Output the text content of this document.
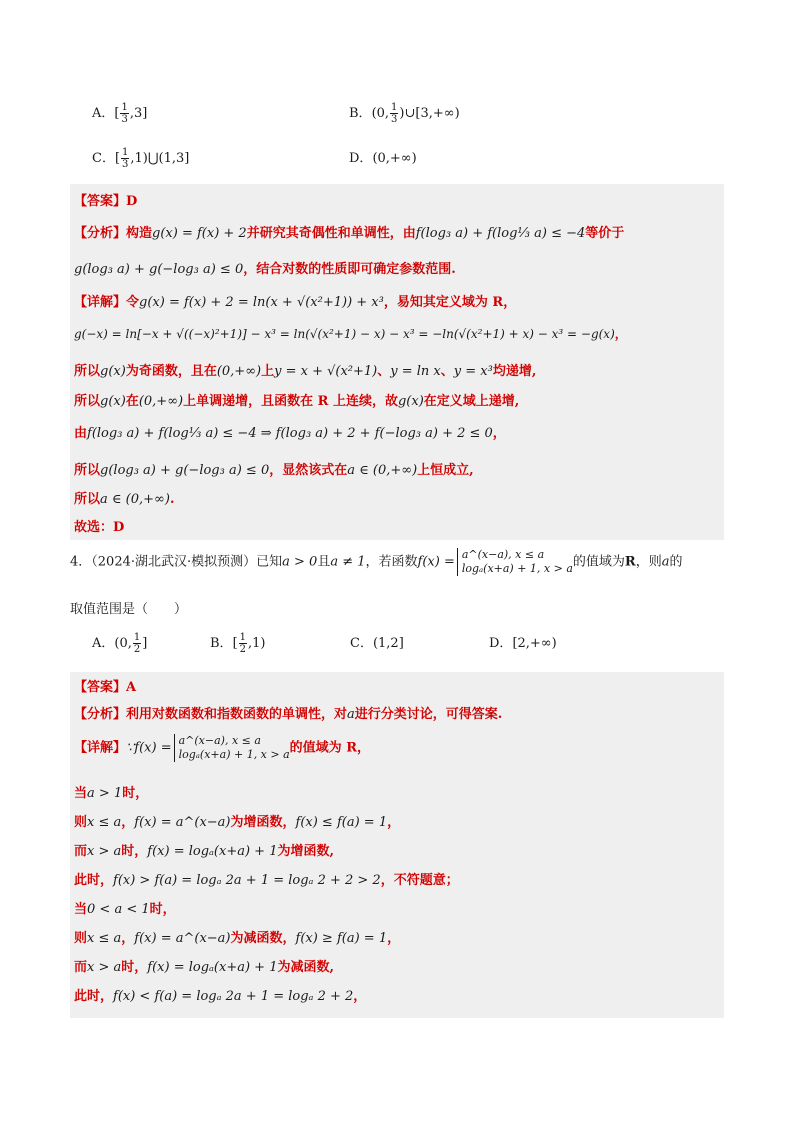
A．[ $\frac{1}{3} ,3$]	B．(0, $\frac{1}{3}$ )∪[3,+∞)
C．[ $\frac{1}{3}$ ,1)⋃(1,3]	D．(0,+∞)
【答案】D
【分析】构造g(x) = f(x) + 2并研究其奇偶性和单调性，由f(log₃ a) + f(log⅓ a) ≤ −4等价于
g(log₃ a) + g(−log₃ a) ≤ 0，结合对数的性质即可确定参数范围.
【详解】令g(x) = f(x) + 2 = ln(x + √(x²+1)) + x³，易知其定义域为 R，
g(−x) = ln[−x + √((−x)²+1)] − x³ = ln(√(x²+1) − x) − x³ = −ln(√(x²+1) + x) − x³ = −g(x)，
所以g(x)为奇函数，且在(0,+∞)上y = x + √(x²+1)、y = ln x、y = x³均递增,
所以g(x)在(0,+∞)上单调递增，且函数在 R 上连续，故g(x)在定义域上递增,
由f(log₃ a) + f(log⅓ a) ≤ −4 ⇒ f(log₃ a) + 2 + f(−log₃ a) + 2 ≤ 0，
所以g(log₃ a) + g(−log₃ a) ≤ 0，显然该式在a ∈ (0,+∞)上恒成立,
所以a ∈ (0,+∞).
故选：D
4．（2024·湖北武汉·模拟预测）已知a > 0且a ≠ 1，若函数f(x) = a^(x−a), x ≤ a
logₐ(x+a) + 1, x > a 的值域为R，则a的
取值范围是（　　）
A．(0, $\frac{1}{2}$ ]	B．[ $\frac{1}{2} ,1$)	C．(1,2]	D．[2,+∞)
【答案】A
【分析】利用对数函数和指数函数的单调性，对a进行分类讨论，可得答案.
【详解】∵f(x) = a^(x−a), x ≤ a
logₐ(x+a) + 1, x > a 的值域为 R，
当a > 1时，
则x ≤ a，f(x) = a^(x−a)为增函数，f(x) ≤ f(a) = 1，
而x > a时，f(x) = logₐ(x+a) + 1为增函数,
此时，f(x) > f(a) = logₐ 2a + 1 = logₐ 2 + 2 > 2，不符题意；
当0 < a < 1时，
则x ≤ a，f(x) = a^(x−a)为减函数，f(x) ≥ f(a) = 1，
而x > a时，f(x) = logₐ(x+a) + 1为减函数,
此时，f(x) < f(a) = logₐ 2a + 1 = logₐ 2 + 2，
